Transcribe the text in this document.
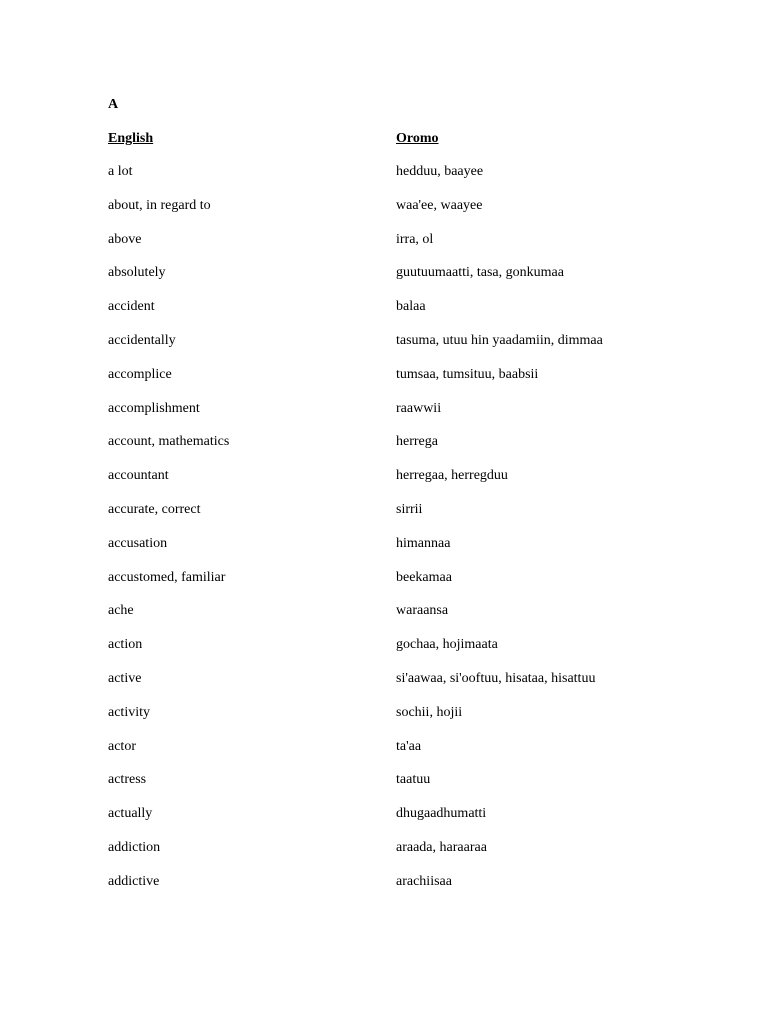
A
English	Oromo
a lot	hedduu, baayee
about, in regard to	waa'ee, waayee
above	irra, ol
absolutely	guutuumaatti, tasa, gonkumaa
accident	balaa
accidentally	tasuma, utuu hin yaadamiin, dimmaa
accomplice	tumsaa, tumsituu, baabsii
accomplishment	raawwii
account, mathematics	herrega
accountant	herregaa, herregduu
accurate, correct	sirrii
accusation	himannaa
accustomed, familiar	beekamaa
ache	waraansa
action	gochaa, hojimaata
active	si'aawaa, si'ooftuu, hisataa, hisattuu
activity	sochii, hojii
actor	ta'aa
actress	taatuu
actually	dhugaadhumatti
addiction	araada, haraaraa
addictive	arachiisaa
